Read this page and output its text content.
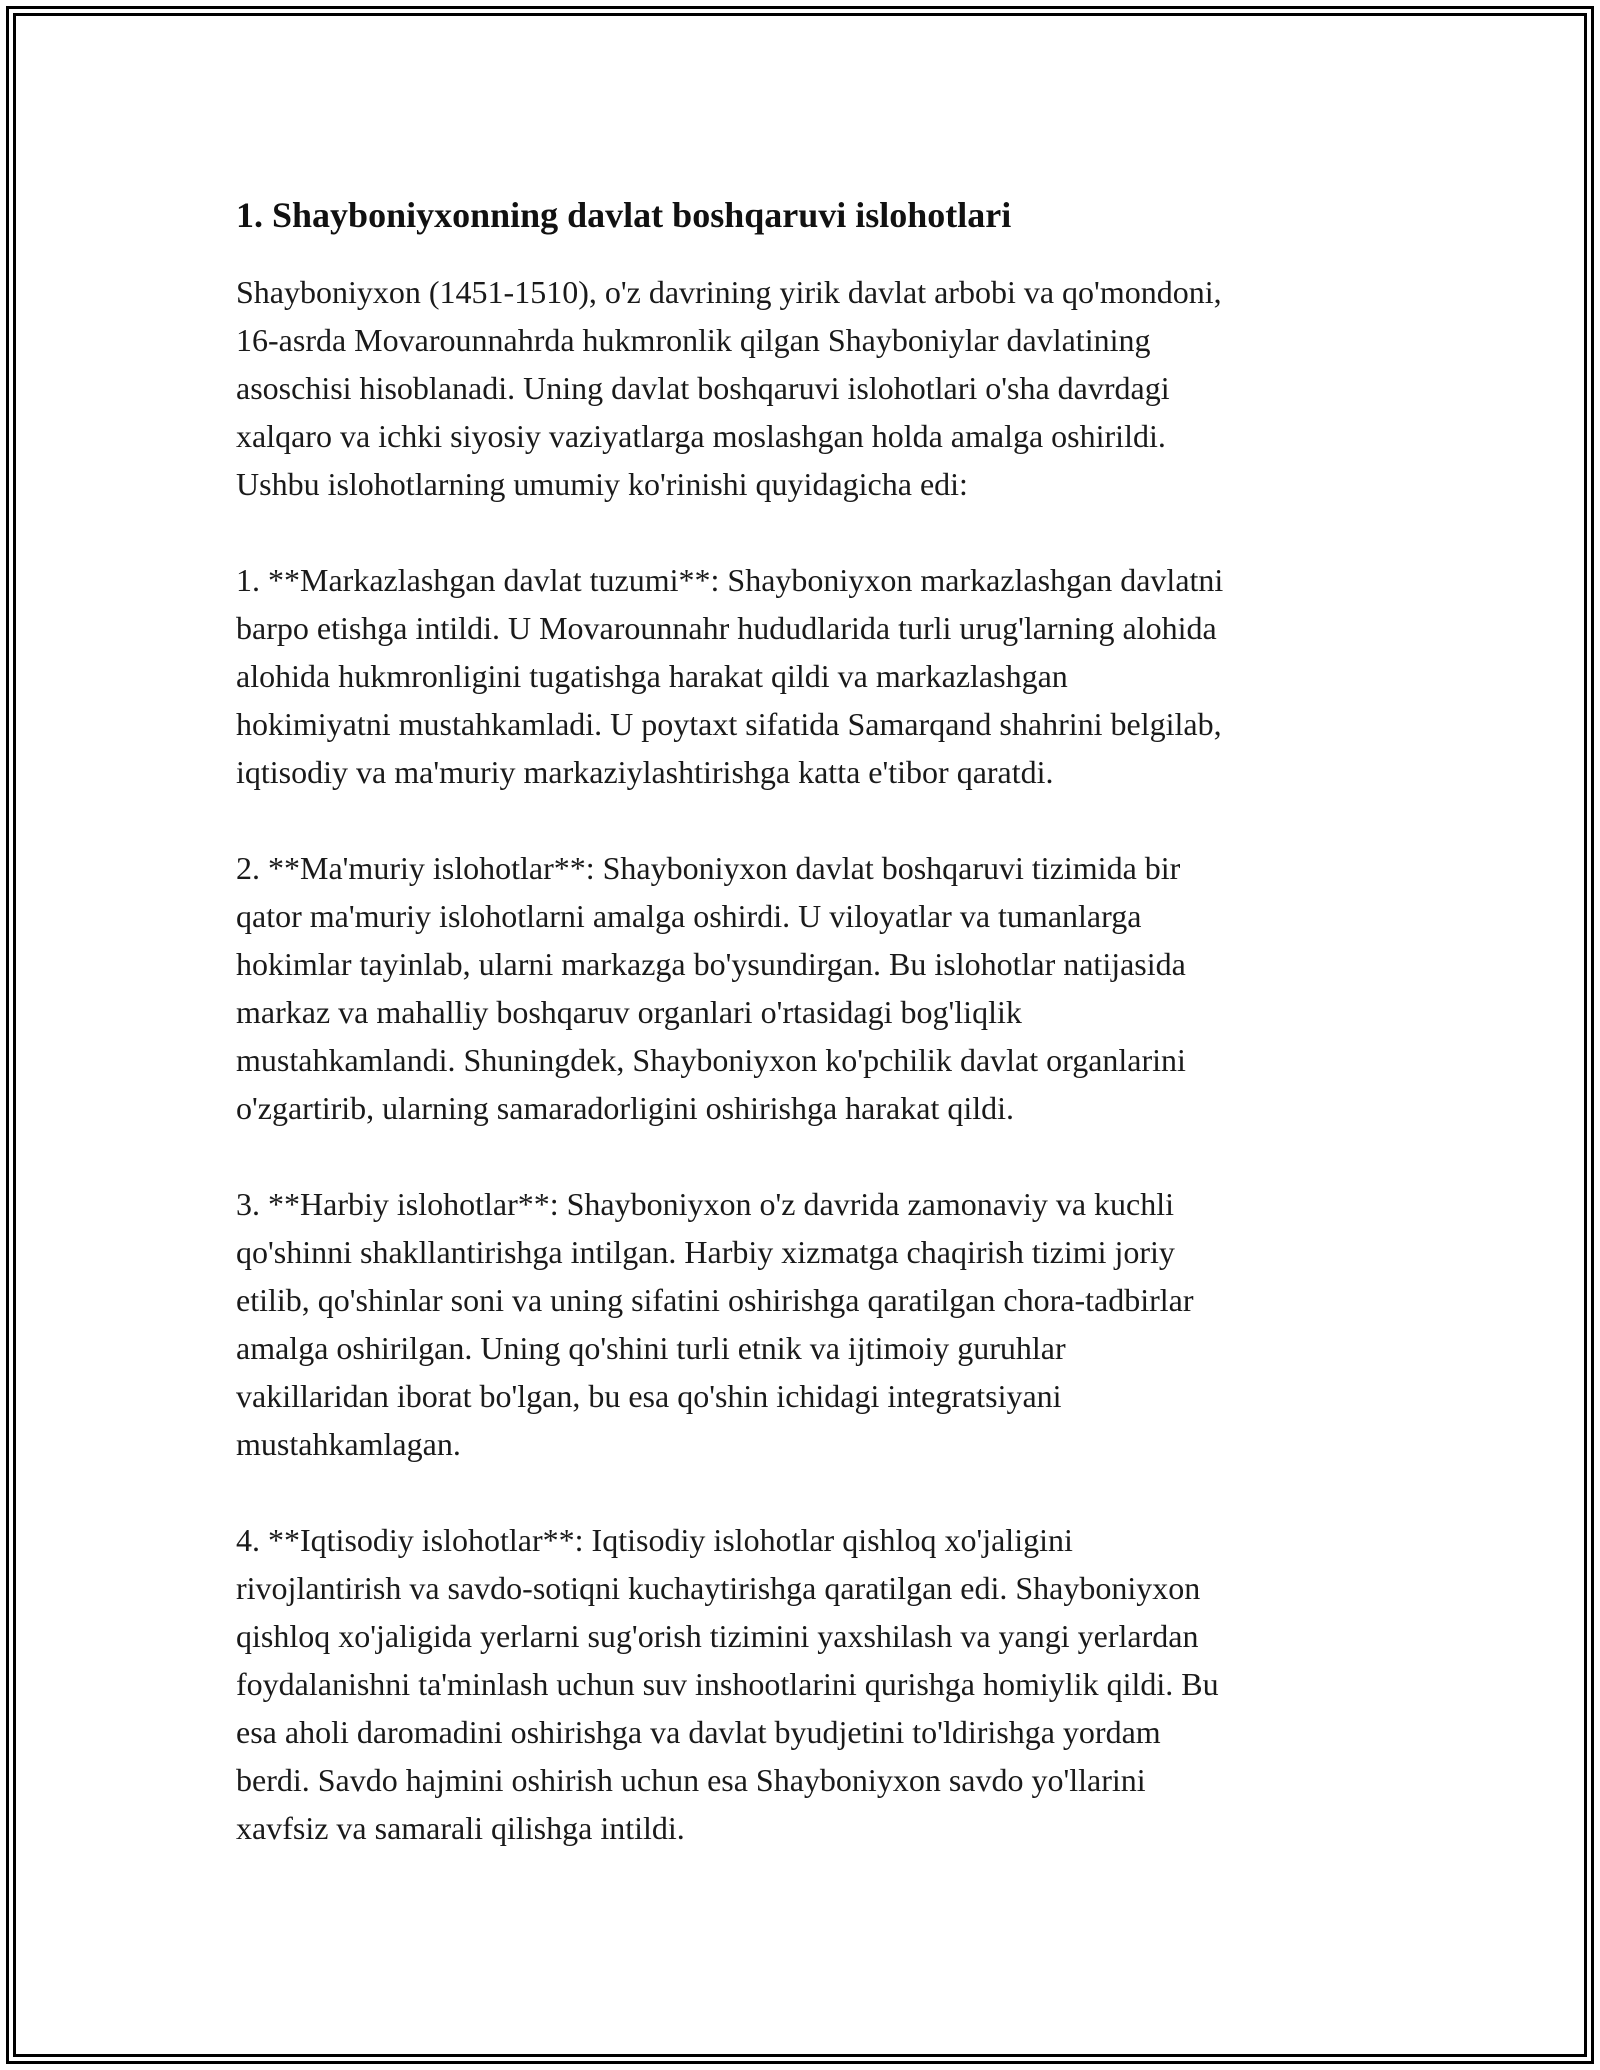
1. Shayboniyxonning davlat boshqaruvi islohotlari

Shayboniyxon (1451-1510), o'z davrining yirik davlat arbobi va qo'mondoni,
16-asrda Movarounnahrda hukmronlik qilgan Shayboniylar davlatining
asoschisi hisoblanadi. Uning davlat boshqaruvi islohotlari o'sha davrdagi
xalqaro va ichki siyosiy vaziyatlarga moslashgan holda amalga oshirildi.
Ushbu islohotlarning umumiy ko'rinishi quyidagicha edi:

1. **Markazlashgan davlat tuzumi**: Shayboniyxon markazlashgan davlatni
barpo etishga intildi. U Movarounnahr hududlarida turli urug'larning alohida
alohida hukmronligini tugatishga harakat qildi va markazlashgan
hokimiyatni mustahkamladi. U poytaxt sifatida Samarqand shahrini belgilab,
iqtisodiy va ma'muriy markaziylashtirishga katta e'tibor qaratdi.

2. **Ma'muriy islohotlar**: Shayboniyxon davlat boshqaruvi tizimida bir
qator ma'muriy islohotlarni amalga oshirdi. U viloyatlar va tumanlarga
hokimlar tayinlab, ularni markazga bo'ysundirgan. Bu islohotlar natijasida
markaz va mahalliy boshqaruv organlari o'rtasidagi bog'liqlik
mustahkamlandi. Shuningdek, Shayboniyxon ko'pchilik davlat organlarini
o'zgartirib, ularning samaradorligini oshirishga harakat qildi.

3. **Harbiy islohotlar**: Shayboniyxon o'z davrida zamonaviy va kuchli
qo'shinni shakllantirishga intilgan. Harbiy xizmatga chaqirish tizimi joriy
etilib, qo'shinlar soni va uning sifatini oshirishga qaratilgan chora-tadbirlar
amalga oshirilgan. Uning qo'shini turli etnik va ijtimoiy guruhlar
vakillaridan iborat bo'lgan, bu esa qo'shin ichidagi integratsiyani
mustahkamlagan.

4. **Iqtisodiy islohotlar**: Iqtisodiy islohotlar qishloq xo'jaligini
rivojlantirish va savdo-sotiqni kuchaytirishga qaratilgan edi. Shayboniyxon
qishloq xo'jaligida yerlarni sug'orish tizimini yaxshilash va yangi yerlardan
foydalanishni ta'minlash uchun suv inshootlarini qurishga homiylik qildi. Bu
esa aholi daromadini oshirishga va davlat byudjetini to'ldirishga yordam
berdi. Savdo hajmini oshirish uchun esa Shayboniyxon savdo yo'llarini
xavfsiz va samarali qilishga intildi.
